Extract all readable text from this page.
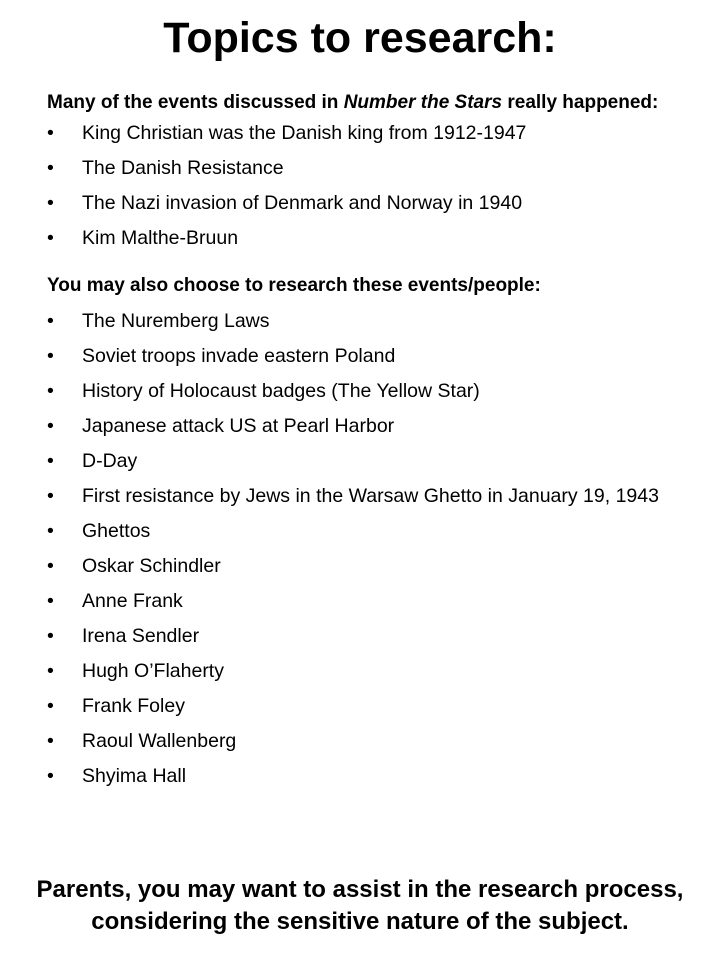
Topics to research:

Many of the events discussed in Number the Stars really happened:

• King Christian was the Danish king from 1912-1947
• The Danish Resistance
• The Nazi invasion of Denmark and Norway in 1940
• Kim Malthe-Bruun

You may also choose to research these events/people:

• The Nuremberg Laws
• Soviet troops invade eastern Poland
• History of Holocaust badges (The Yellow Star)
• Japanese attack US at Pearl Harbor
• D-Day
• First resistance by Jews in the Warsaw Ghetto in January 19, 1943
• Ghettos
• Oskar Schindler
• Anne Frank
• Irena Sendler
• Hugh O’Flaherty
• Frank Foley
• Raoul Wallenberg
• Shyima Hall

Parents, you may want to assist in the research process, considering the sensitive nature of the subject.
